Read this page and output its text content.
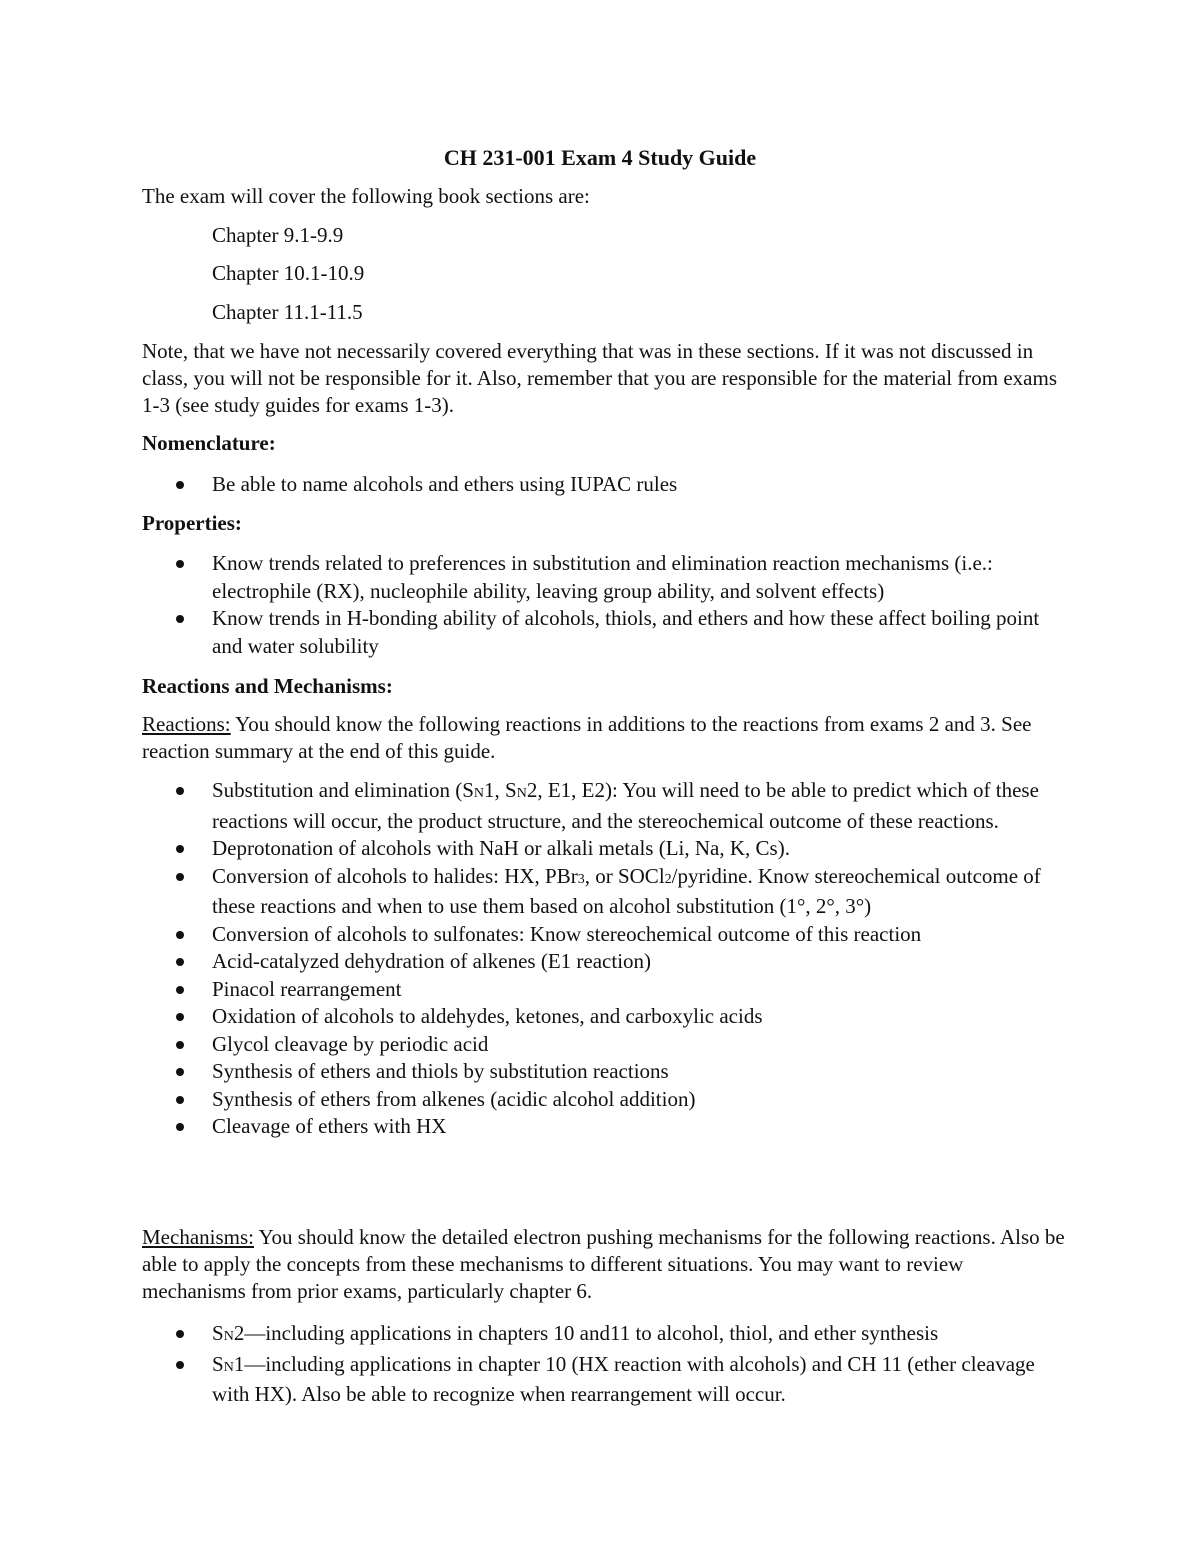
CH 231-001 Exam 4 Study Guide
The exam will cover the following book sections are:
Chapter 9.1-9.9
Chapter 10.1-10.9
Chapter 11.1-11.5
Note, that we have not necessarily covered everything that was in these sections. If it was not discussed in class, you will not be responsible for it. Also, remember that you are responsible for the material from exams 1-3 (see study guides for exams 1-3).
Nomenclature:
Be able to name alcohols and ethers using IUPAC rules
Properties:
Know trends related to preferences in substitution and elimination reaction mechanisms (i.e.: electrophile (RX), nucleophile ability, leaving group ability, and solvent effects)
Know trends in H-bonding ability of alcohols, thiols, and ethers and how these affect boiling point and water solubility
Reactions and Mechanisms:
Reactions: You should know the following reactions in additions to the reactions from exams 2 and 3. See reaction summary at the end of this guide.
Substitution and elimination (SN1, SN2, E1, E2): You will need to be able to predict which of these reactions will occur, the product structure, and the stereochemical outcome of these reactions.
Deprotonation of alcohols with NaH or alkali metals (Li, Na, K, Cs).
Conversion of alcohols to halides: HX, PBr3, or SOCl2/pyridine. Know stereochemical outcome of these reactions and when to use them based on alcohol substitution (1°, 2°, 3°)
Conversion of alcohols to sulfonates: Know stereochemical outcome of this reaction
Acid-catalyzed dehydration of alkenes (E1 reaction)
Pinacol rearrangement
Oxidation of alcohols to aldehydes, ketones, and carboxylic acids
Glycol cleavage by periodic acid
Synthesis of ethers and thiols by substitution reactions
Synthesis of ethers from alkenes (acidic alcohol addition)
Cleavage of ethers with HX
Mechanisms: You should know the detailed electron pushing mechanisms for the following reactions. Also be able to apply the concepts from these mechanisms to different situations. You may want to review mechanisms from prior exams, particularly chapter 6.
SN2—including applications in chapters 10 and11 to alcohol, thiol, and ether synthesis
SN1—including applications in chapter 10 (HX reaction with alcohols) and CH 11 (ether cleavage with HX). Also be able to recognize when rearrangement will occur.
